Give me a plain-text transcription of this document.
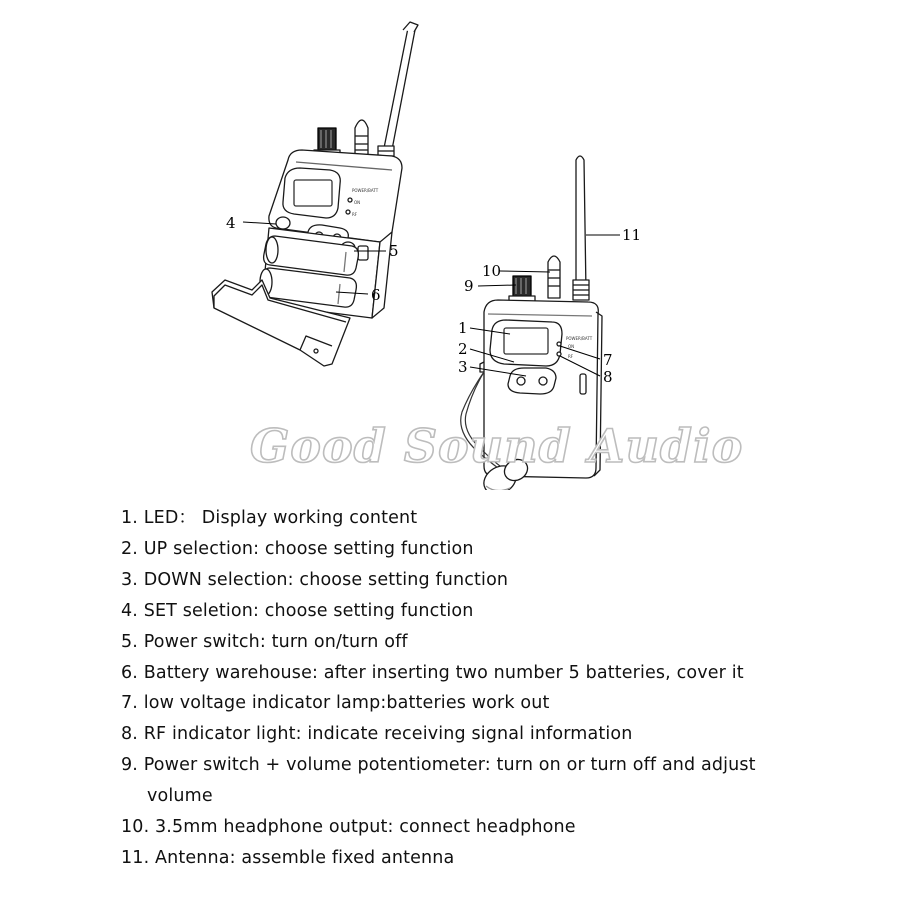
POWER/BATT
ON
RF
4
5
6
POWER/BATT
ON
RF
1
2
3	7
8
9
10
11
Good Sound Audio
1. LED： Display working content
2. UP selection: choose setting function
3. DOWN selection: choose setting function
4. SET seletion: choose setting function
5. Power switch: turn on/turn off
6. Battery warehouse: after inserting two number 5 batteries, cover it
7. low voltage indicator lamp:batteries work out
8. RF indicator light: indicate receiving signal information
9. Power switch + volume potentiometer: turn on or turn off and adjust
volume
10. 3.5mm headphone output: connect headphone
11. Antenna: assemble fixed antenna
